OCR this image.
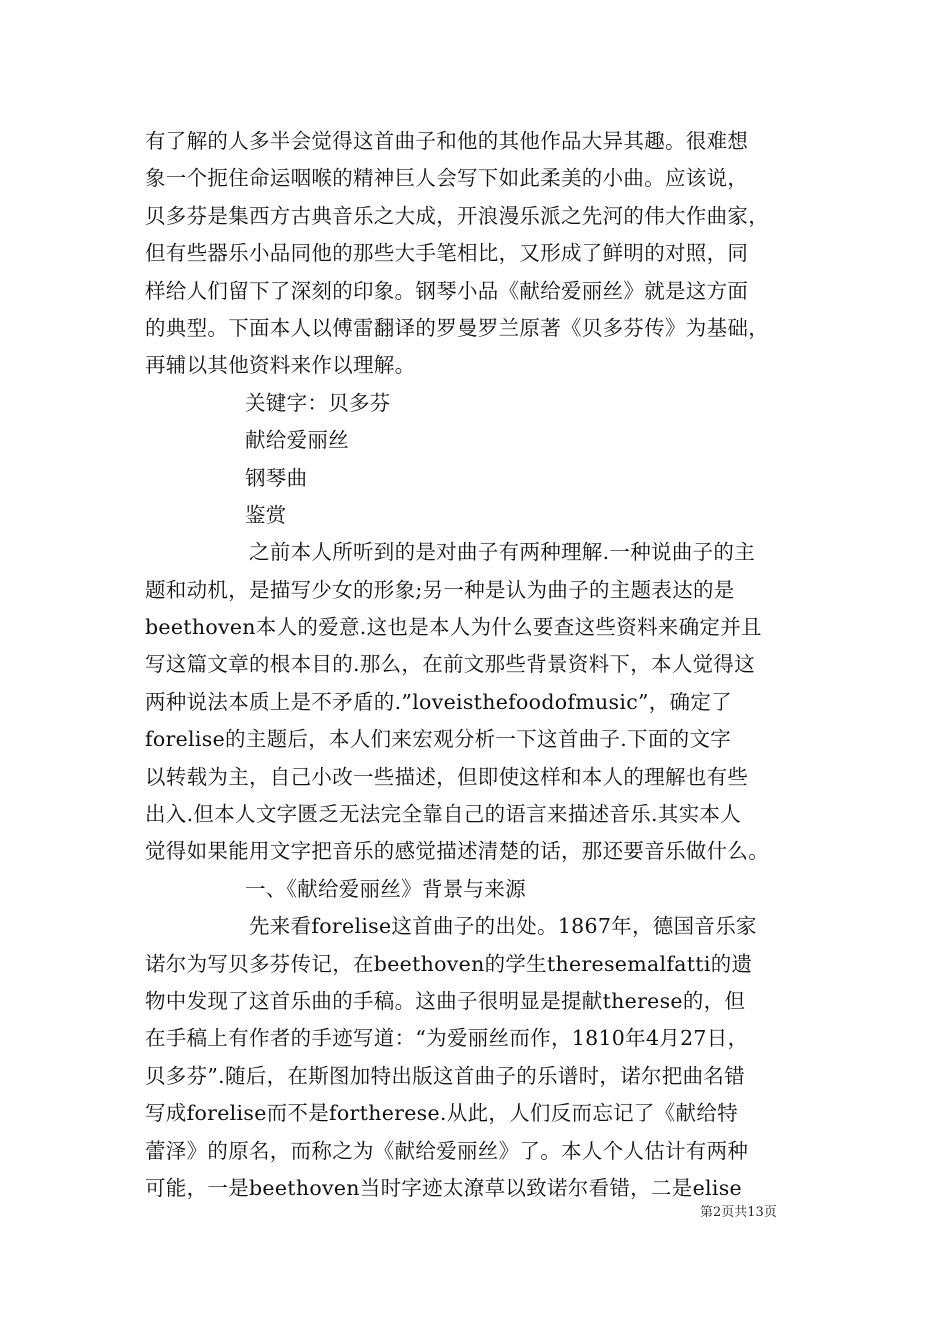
有了解的人多半会觉得这首曲子和他的其他作品大异其趣。很难想
象一个扼住命运咽喉的精神巨人会写下如此柔美的小曲。应该说，
贝多芬是集西方古典音乐之大成，开浪漫乐派之先河的伟大作曲家，
但有些器乐小品同他的那些大手笔相比，又形成了鲜明的对照，同
样给人们留下了深刻的印象。钢琴小品《献给爱丽丝》就是这方面
的典型。下面本人以傅雷翻译的罗曼罗兰原著《贝多芬传》为基础，
再辅以其他资料来作以理解。
关键字：贝多芬
献给爱丽丝
钢琴曲
鉴赏
之前本人所听到的是对曲子有两种理解.一种说曲子的主
题和动机，是描写少女的形象;另一种是认为曲子的主题表达的是
beethoven本人的爱意.这也是本人为什么要查这些资料来确定并且
写这篇文章的根本目的.那么，在前文那些背景资料下，本人觉得这
两种说法本质上是不矛盾的.”loveisthefoodofmusic”，确定了
forelise的主题后，本人们来宏观分析一下这首曲子.下面的文字
以转载为主，自己小改一些描述，但即使这样和本人的理解也有些
出入.但本人文字匮乏无法完全靠自己的语言来描述音乐.其实本人
觉得如果能用文字把音乐的感觉描述清楚的话，那还要音乐做什么。
一、《献给爱丽丝》背景与来源
先来看forelise这首曲子的出处。1867年，德国音乐家
诺尔为写贝多芬传记，在beethoven的学生theresemalfatti的遗
物中发现了这首乐曲的手稿。这曲子很明显是提献therese的，但
在手稿上有作者的手迹写道：“为爱丽丝而作，1810年4月27日，
贝多芬”.随后，在斯图加特出版这首曲子的乐谱时，诺尔把曲名错
写成forelise而不是fortherese.从此，人们反而忘记了《献给特
蕾泽》的原名，而称之为《献给爱丽丝》了。本人个人估计有两种
可能，一是beethoven当时字迹太潦草以致诺尔看错，二是elise
第2页共13页
